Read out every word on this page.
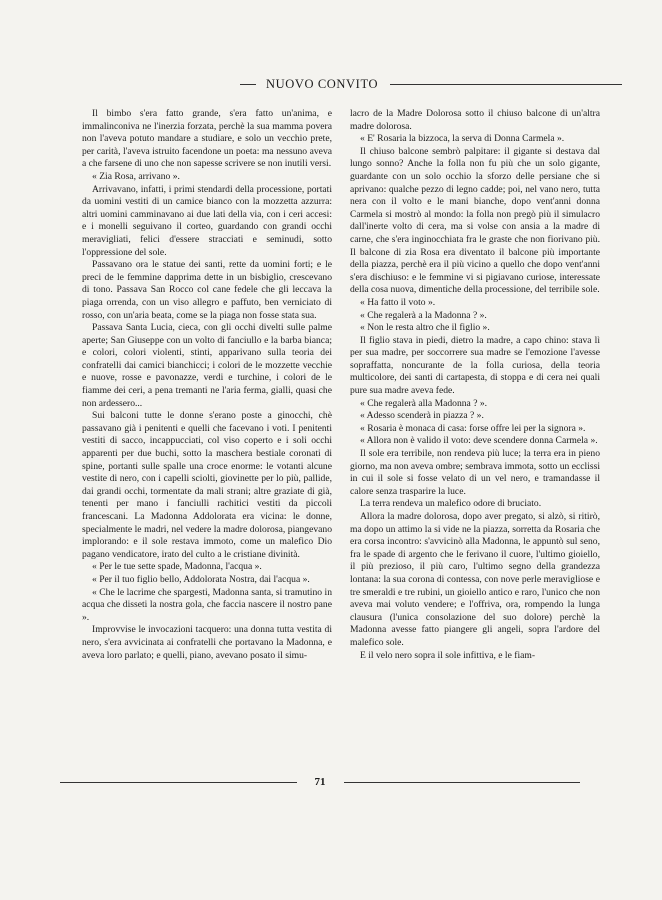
NUOVO CONVITO

Il bimbo s'era fatto grande, s'era fatto un'anima, e immalinconiva ne l'inerzia forzata, perchè la sua mamma povera non l'aveva potuto mandare a studiare, e solo un vecchio prete, per carità, l'aveva istruito facendone un poeta: ma nessuno aveva a che farsene di uno che non sapesse scrivere se non inutili versi.

« Zia Rosa, arrivano ».

Arrivavano, infatti, i primi stendardi della processione, portati da uomini vestiti di un camice bianco con la mozzetta azzurra: altri uomini camminavano ai due lati della via, con i ceri accesi: e i monelli seguivano il corteo, guardando con grandi occhi meravigliati, felici d'essere stracciati e seminudi, sotto l'oppressione del sole.

Passavano ora le statue dei santi, rette da uomini forti; e le preci de le femmine dapprima dette in un bisbiglio, crescevano di tono. Passava San Rocco col cane fedele che gli leccava la piaga orrenda, con un viso allegro e paffuto, ben verniciato di rosso, con un'aria beata, come se la piaga non fosse stata sua.

Passava Santa Lucia, cieca, con gli occhi divelti sulle palme aperte; San Giuseppe con un volto di fanciullo e la barba bianca; e colori, colori violenti, stinti, apparivano sulla teoria dei confratelli dai camici bianchicci; i colori de le mozzette vecchie e nuove, rosse e pavonazze, verdi e turchine, i colori de le fiamme dei ceri, a pena tremanti ne l'aria ferma, gialli, quasi che non ardessero...

Sui balconi tutte le donne s'erano poste a ginocchi, chè passavano già i penitenti e quelli che facevano i voti. I penitenti vestiti di sacco, incappucciati, col viso coperto e i soli occhi apparenti per due buchi, sotto la maschera bestiale coronati di spine, portanti sulle spalle una croce enorme: le votanti alcune vestite di nero, con i capelli sciolti, giovinette per lo più, pallide, dai grandi occhi, tormentate da mali strani; altre graziate di già, tenenti per mano i fanciulli rachitici vestiti da piccoli francescani. La Madonna Addolorata era vicina: le donne, specialmente le madri, nel vedere la madre dolorosa, piangevano implorando: e il sole restava immoto, come un malefico Dio pagano vendicatore, irato del culto a le cristiane divinità.

« Per le tue sette spade, Madonna, l'acqua ».

« Per il tuo figlio bello, Addolorata Nostra, dai l'acqua ».

« Che le lacrime che spargesti, Madonna santa, si tramutino in acqua che disseti la nostra gola, che faccia nascere il nostro pane ».

Improvvise le invocazioni tacquero: una donna tutta vestita di nero, s'era avvicinata ai confratelli che portavano la Madonna, e aveva loro parlato; e quelli, piano, avevano posato il simu-

lacro de la Madre Dolorosa sotto il chiuso balcone di un'altra madre dolorosa.

« E' Rosaria la bizzoca, la serva di Donna Carmela ».

Il chiuso balcone sembrò palpitare: il gigante si destava dal lungo sonno? Anche la folla non fu più che un solo gigante, guardante con un solo occhio la sforzo delle persiane che si aprivano: qualche pezzo di legno cadde; poi, nel vano nero, tutta nera con il volto e le mani bianche, dopo vent'anni donna Carmela si mostrò al mondo: la folla non pregò più il simulacro dall'inerte volto di cera, ma si volse con ansia a la madre di carne, che s'era inginocchiata fra le graste che non fiorivano più. Il balcone di zia Rosa era diventato il balcone più importante della piazza, perchè era il più vicino a quello che dopo vent'anni s'era dischiuso: e le femmine vi si pigiavano curiose, interessate della cosa nuova, dimentiche della processione, del terribile sole.

« Ha fatto il voto ».

« Che regalerà a la Madonna ? ».

« Non le resta altro che il figlio ».

Il figlio stava in piedi, dietro la madre, a capo chino: stava lì per sua madre, per soccorrere sua madre se l'emozione l'avesse sopraffatta, noncurante de la folla curiosa, della teoria multicolore, dei santi di cartapesta, di stoppa e di cera nei quali pure sua madre aveva fede.

« Che regalerà alla Madonna ? ».

« Adesso scenderà in piazza ? ».

« Rosaria è monaca di casa: forse offre lei per la signora ».

« Allora non è valido il voto: deve scendere donna Carmela ».

Il sole era terribile, non rendeva più luce; la terra era in pieno giorno, ma non aveva ombre; sembrava immota, sotto un ecclissi in cui il sole si fosse velato di un vel nero, e tramandasse il calore senza trasparire la luce.

La terra rendeva un malefico odore di bruciato.

Allora la madre dolorosa, dopo aver pregato, si alzò, si ritirò, ma dopo un attimo la si vide ne la piazza, sorretta da Rosaria che era corsa incontro: s'avvicinò alla Madonna, le appuntò sul seno, fra le spade di argento che le ferivano il cuore, l'ultimo gioiello, il più prezioso, il più caro, l'ultimo segno della grandezza lontana: la sua corona di contessa, con nove perle meravigliose e tre smeraldi e tre rubini, un gioiello antico e raro, l'unico che non aveva mai voluto vendere; e l'offriva, ora, rompendo la lunga clausura (l'unica consolazione del suo dolore) perchè la Madonna avesse fatto piangere gli angeli, sopra l'ardore del malefico sole.

E il velo nero sopra il sole infittiva, e le fiam-

71
